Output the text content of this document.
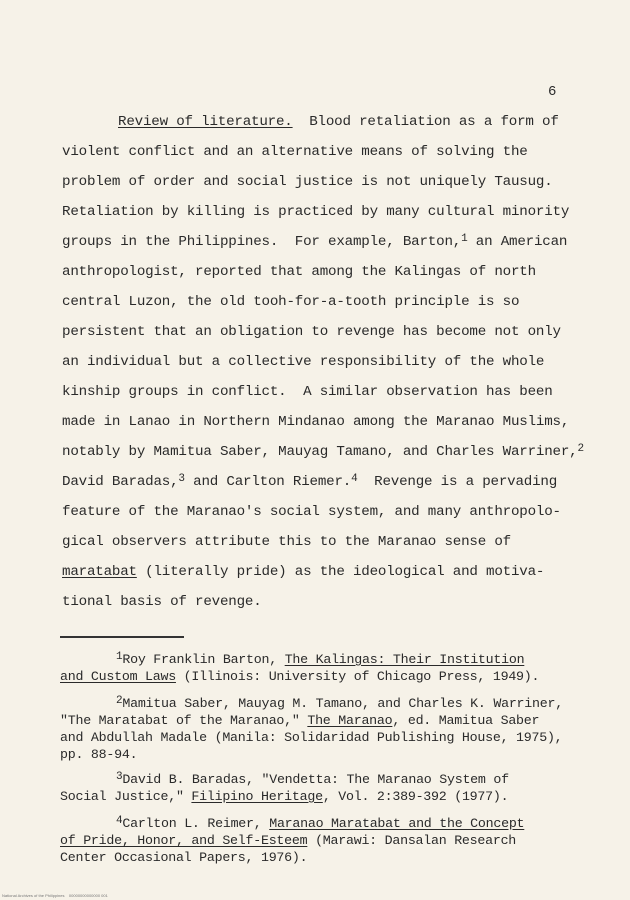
6
Review of literature.  Blood retaliation as a form of
violent conflict and an alternative means of solving the
problem of order and social justice is not uniquely Tausug.
Retaliation by killing is practiced by many cultural minority
groups in the Philippines.  For example, Barton,$^1$ an American
anthropologist, reported that among the Kalingas of north
central Luzon, the old tooh-for-a-tooth principle is so
persistent that an obligation to revenge has become not only
an individual but a collective responsibility of the whole
kinship groups in conflict.  A similar observation has been
made in Lanao in Northern Mindanao among the Maranao Muslims,
notably by Mamitua Saber, Mauyag Tamano, and Charles Warriner,$^2$
David Baradas,$^3$ and Carlton Riemer.$^4$  Revenge is a pervading
feature of the Maranao's social system, and many anthropolo-
gical observers attribute this to the Maranao sense of
maratabat (literally pride) as the ideological and motiva-
tional basis of revenge.
$^1$Roy Franklin Barton, The Kalingas: Their Institution
and Custom Laws (Illinois: University of Chicago Press, 1949).
$^2$Mamitua Saber, Mauyag M. Tamano, and Charles K. Warriner,
"The Maratabat of the Maranao," The Maranao, ed. Mamitua Saber
and Abdullah Madale (Manila: Solidaridad Publishing House, 1975),
pp. 88-94.
$^3$David B. Baradas, "Vendetta: The Maranao System of
Social Justice," Filipino Heritage, Vol. 2:389-392 (1977).
$^4$Carlton L. Reimer, Maranao Maratabat and the Concept
of Pride, Honor, and Self-Esteem (Marawi: Dansalan Research
Center Occasional Papers, 1976).
National Archives of the Philippines    00000000000000 001
